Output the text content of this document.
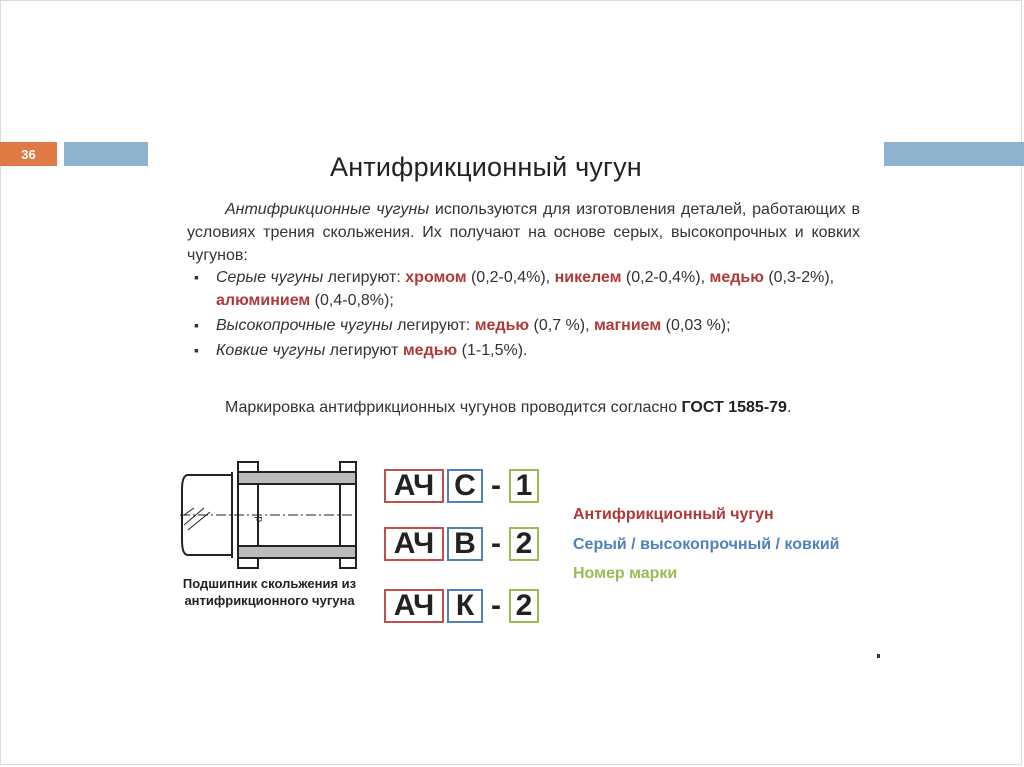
36	Антифрикционный чугун
Антифрикционные чугуны используются для изготовления деталей, работающих в условиях трения скольжения. Их получают на основе серых, высокопрочных и ковких чугунов:
▪ Серые чугуны легируют: хромом (0,2-0,4%), никелем (0,2-0,4%), медью (0,3-2%), алюминием (0,4-0,8%);
▪ Высокопрочные чугуны легируют: медью (0,7 %), магнием (0,03 %);
▪ Ковкие чугуны легируют медью (1-1,5%).
Маркировка антифрикционных чугунов проводится согласно ГОСТ 1585-79.
d
Подшипник скольжения из антифрикционного чугуна
АЧ С - 1
АЧ В - 2
АЧ К - 2
Антифрикционный чугун
Серый / высокопрочный / ковкий
Номер марки
